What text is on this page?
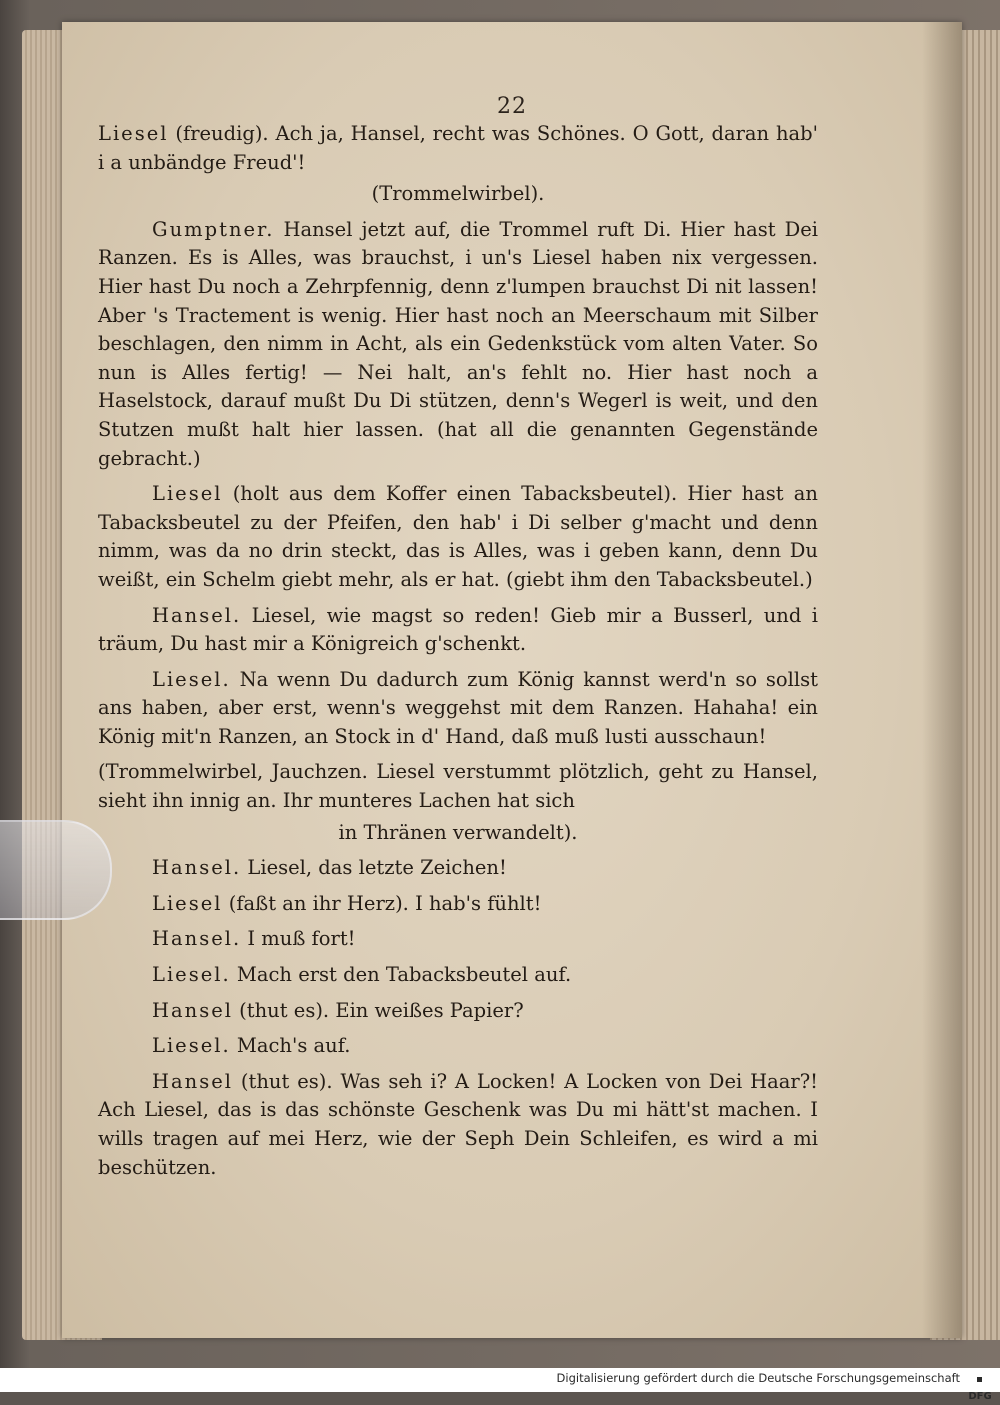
22

Liesel (freudig). Ach ja, Hansel, recht was Schönes. O Gott, daran hab' i a unbändge Freud'!

(Trommelwirbel).

Gumptner. Hansel jetzt auf, die Trommel ruft Di. Hier hast Dei Ranzen. Es is Alles, was brauchst, i un's Liesel haben nix vergessen. Hier hast Du noch a Zehrpfennig, denn z'lumpen brauchst Di nit lassen! Aber 's Tractement is wenig. Hier hast noch an Meerschaum mit Silber beschlagen, den nimm in Acht, als ein Gedenkstück vom alten Vater. So nun is Alles fertig! — Nei halt, an's fehlt no. Hier hast noch a Haselstock, darauf mußt Du Di stützen, denn's Wegerl is weit, und den Stutzen mußt halt hier lassen. (hat all die genannten Gegenstände gebracht.)

Liesel (holt aus dem Koffer einen Tabacksbeutel). Hier hast an Tabacksbeutel zu der Pfeifen, den hab' i Di selber g'macht und denn nimm, was da no drin steckt, das is Alles, was i geben kann, denn Du weißt, ein Schelm giebt mehr, als er hat. (giebt ihm den Tabacksbeutel.)

Hansel. Liesel, wie magst so reden! Gieb mir a Busserl, und i träum, Du hast mir a Königreich g'schenkt.

Liesel. Na wenn Du dadurch zum König kannst werd'n so sollst ans haben, aber erst, wenn's weggehst mit dem Ranzen. Hahaha! ein König mit'n Ranzen, an Stock in d' Hand, daß muß lusti ausschaun!

(Trommelwirbel, Jauchzen. Liesel verstummt plötzlich, geht zu Hansel, sieht ihn innig an. Ihr munteres Lachen hat sich

in Thränen verwandelt).

Hansel. Liesel, das letzte Zeichen!

Liesel (faßt an ihr Herz). I hab's fühlt!

Hansel. I muß fort!

Liesel. Mach erst den Tabacksbeutel auf.

Hansel (thut es). Ein weißes Papier?

Liesel. Mach's auf.

Hansel (thut es). Was seh i? A Locken! A Locken von Dei Haar?! Ach Liesel, das is das schönste Geschenk was Du mi hätt'st machen. I wills tragen auf mei Herz, wie der Seph Dein Schleifen, es wird a mi beschützen.

Digitalisierung gefördert durch die Deutsche Forschungsgemeinschaft
DFG
